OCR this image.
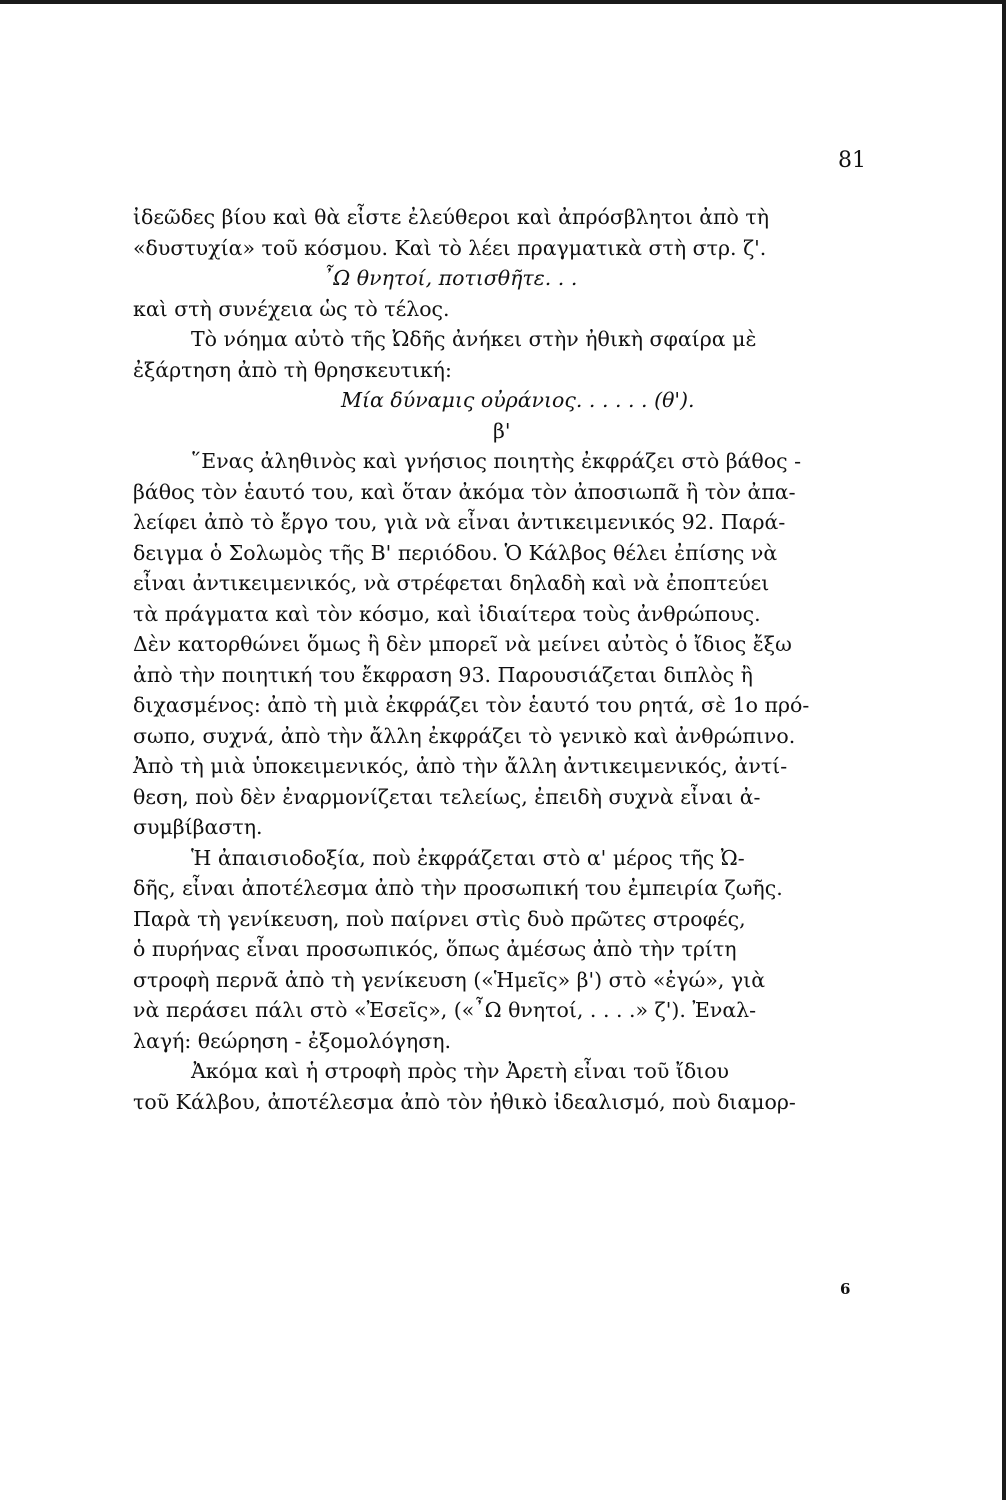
81
ἰδεῶδες βίου καὶ θὰ εἶστε ἐλεύθεροι καὶ ἀπρόσβλητοι ἀπὸ τὴ
«δυστυχία» τοῦ κόσμου. Καὶ τὸ λέει πραγματικὰ στὴ στρ. ζ'.
῏Ω θνητοί, ποτισθῆτε. . .
καὶ στὴ συνέχεια ὡς τὸ τέλος.
Τὸ νόημα αὐτὸ τῆς Ὠδῆς ἀνήκει στὴν ἠθικὴ σφαίρα μὲ
ἐξάρτηση ἀπὸ τὴ θρησκευτική:
Μία δύναμις οὐράνιος. . . . . . (θ').
β'
῞Ενας ἀληθινὸς καὶ γνήσιος ποιητὴς ἐκφράζει στὸ βάθος -
βάθος τὸν ἑαυτό του, καὶ ὅταν ἀκόμα τὸν ἀποσιωπᾶ ἢ τὸν ἀπα-
λείφει ἀπὸ τὸ ἔργο του, γιὰ νὰ εἶναι ἀντικειμενικός 92. Παρά-
δειγμα ὁ Σολωμὸς τῆς Β' περιόδου. Ὁ Κάλβος θέλει ἐπίσης νὰ
εἶναι ἀντικειμενικός, νὰ στρέφεται δηλαδὴ καὶ νὰ ἐποπτεύει
τὰ πράγματα καὶ τὸν κόσμο, καὶ ἰδιαίτερα τοὺς ἀνθρώπους.
Δὲν κατορθώνει ὅμως ἢ δὲν μπορεῖ νὰ μείνει αὐτὸς ὁ ἴδιος ἔξω
ἀπὸ τὴν ποιητική του ἔκφραση 93. Παρουσιάζεται διπλὸς ἢ
διχασμένος: ἀπὸ τὴ μιὰ ἐκφράζει τὸν ἑαυτό του ρητά, σὲ 1ο πρό-
σωπο, συχνά, ἀπὸ τὴν ἄλλη ἐκφράζει τὸ γενικὸ καὶ ἀνθρώπινο.
Ἀπὸ τὴ μιὰ ὑποκειμενικός, ἀπὸ τὴν ἄλλη ἀντικειμενικός, ἀντί-
θεση, ποὺ δὲν ἐναρμονίζεται τελείως, ἐπειδὴ συχνὰ εἶναι ἀ-
συμβίβαστη.
Ἡ ἀπαισιοδοξία, ποὺ ἐκφράζεται στὸ α' μέρος τῆς Ὠ-
δῆς, εἶναι ἀποτέλεσμα ἀπὸ τὴν προσωπική του ἐμπειρία ζωῆς.
Παρὰ τὴ γενίκευση, ποὺ παίρνει στὶς δυὸ πρῶτες στροφές,
ὁ πυρήνας εἶναι προσωπικός, ὅπως ἀμέσως ἀπὸ τὴν τρίτη
στροφὴ περνᾶ ἀπὸ τὴ γενίκευση («Ἡμεῖς» β') στὸ «ἐγώ», γιὰ
νὰ περάσει πάλι στὸ «Ἐσεῖς», («῏Ω θνητοί, . . . .» ζ'). Ἐναλ-
λαγή: θεώρηση - ἐξομολόγηση.
Ἀκόμα καὶ ἡ στροφὴ πρὸς τὴν Ἀρετὴ εἶναι τοῦ ἴδιου
τοῦ Κάλβου, ἀποτέλεσμα ἀπὸ τὸν ἠθικὸ ἰδεαλισμό, ποὺ διαμορ-
6
